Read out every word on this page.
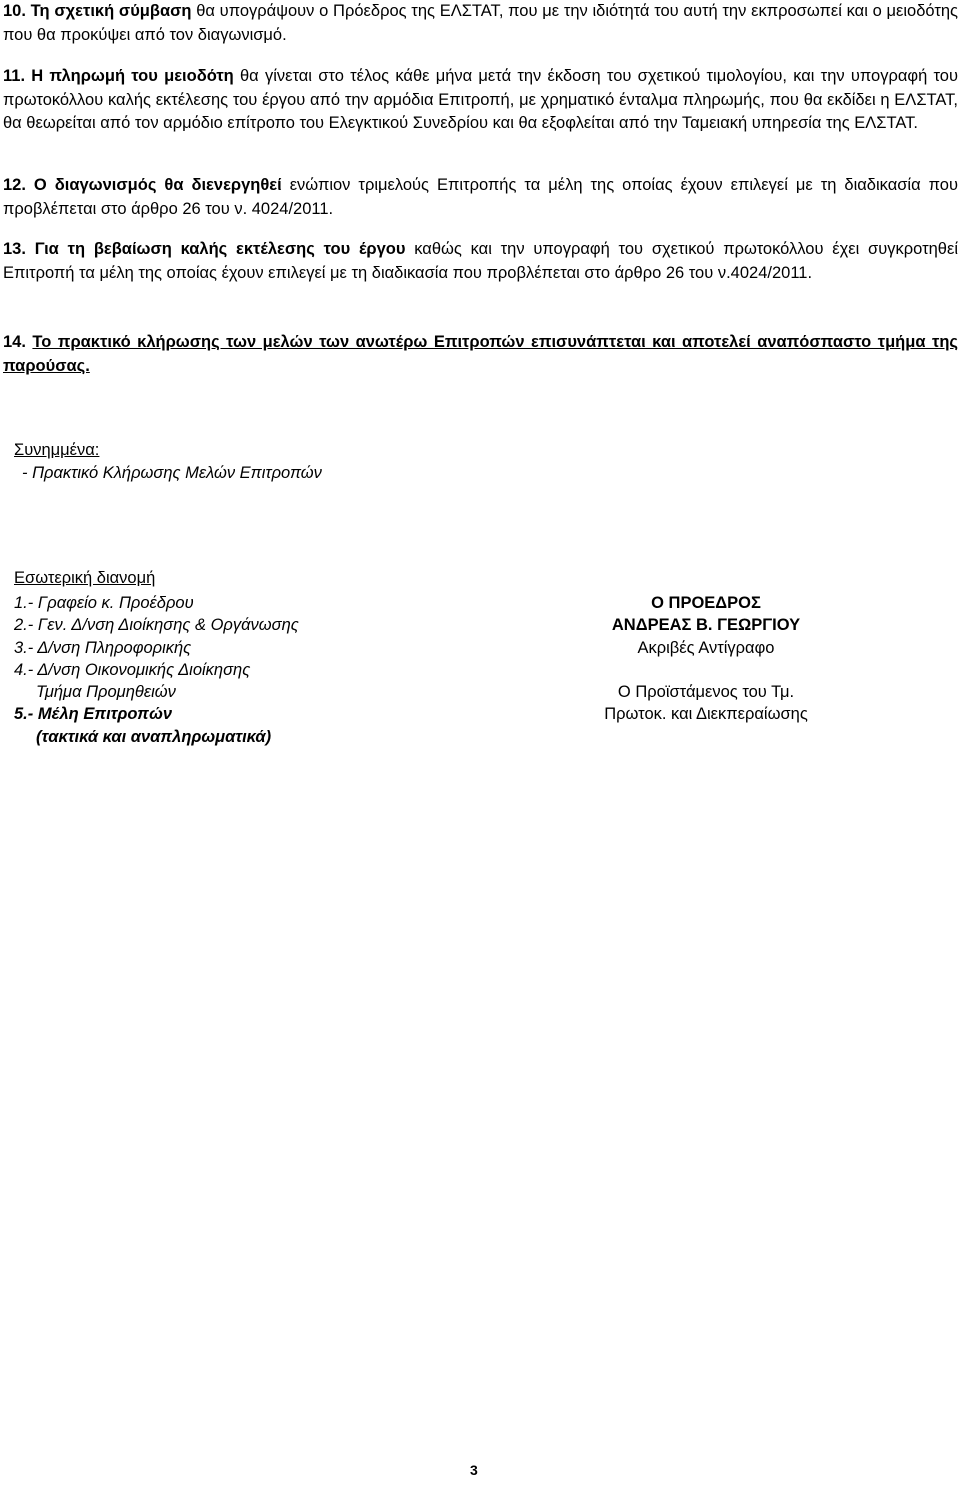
10. Τη σχετική σύμβαση θα υπογράψουν ο Πρόεδρος της ΕΛΣΤΑΤ, που με την ιδιότητά του αυτή την εκπροσωπεί και ο μειοδότης που θα προκύψει από τον διαγωνισμό.

11. Η πληρωμή του μειοδότη θα γίνεται στο τέλος κάθε μήνα μετά την έκδοση του σχετικού τιμολογίου, και την υπογραφή του πρωτοκόλλου καλής εκτέλεσης του έργου από την αρμόδια Επιτροπή, με χρηματικό ένταλμα πληρωμής, που θα εκδίδει η ΕΛΣΤΑΤ, θα θεωρείται από τον αρμόδιο επίτροπο του Ελεγκτικού Συνεδρίου και θα εξοφλείται από την Ταμειακή υπηρεσία της ΕΛΣΤΑΤ.

12. Ο διαγωνισμός θα διενεργηθεί ενώπιον τριμελούς Επιτροπής τα μέλη της οποίας έχουν επιλεγεί με τη διαδικασία που προβλέπεται στο άρθρο 26 του ν. 4024/2011.

13. Για τη βεβαίωση καλής εκτέλεσης του έργου καθώς και την υπογραφή του σχετικού πρωτοκόλλου έχει συγκροτηθεί Επιτροπή τα μέλη της οποίας έχουν επιλεγεί με τη διαδικασία που προβλέπεται στο άρθρο 26 του ν.4024/2011.

14. Το πρακτικό κλήρωσης των μελών των ανωτέρω Επιτροπών επισυνάπτεται και αποτελεί αναπόσπαστο τμήμα της παρούσας.

Συνημμένα:
- Πρακτικό Κλήρωσης Μελών Επιτροπών
Εσωτερική διανομή
1.- Γραφείο κ. Προέδρου
2.- Γεν. Δ/νση Διοίκησης & Οργάνωσης
3.- Δ/νση Πληροφορικής
4.- Δ/νση Οικονομικής Διοίκησης
Τμήμα Προμηθειών
5.- Μέλη Επιτροπών
(τακτικά και αναπληρωματικά)
Ο ΠΡΟΕΔΡΟΣ
ΑΝΔΡΕΑΣ Β. ΓΕΩΡΓΙΟΥ
Ακριβές Αντίγραφο
Ο Προϊστάμενος του Τμ.
Πρωτοκ. και Διεκπεραίωσης
3
